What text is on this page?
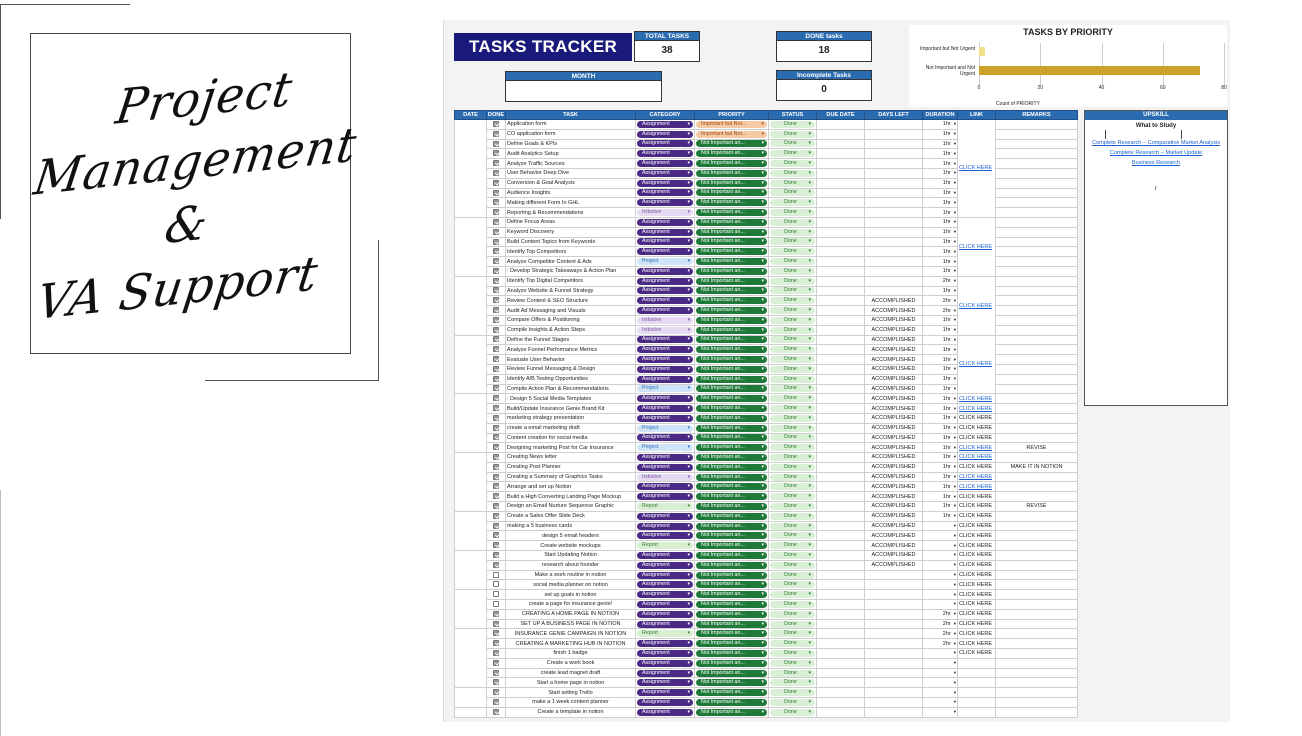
Project
Management &
VA Support
TASKS TRACKER
TOTAL TASKS
38
DONE tasks
18
MONTH	Incomplete Tasks
0
TASKS BY PRIORITY
0	20	40	60	80
Important but Not Urgent
Not Important and Not Urgent
Count of PRIORITY
UPSKILL
What to Study
Complete Research – Comparative Market Analysis
Complete Research – Market Update
Business Research
r
DATE	DONE	TASK	CATEGORY	PRIORITY	STATUS	DUE DATE	DAYS LEFT	DURATION	LINK	REMARKS
		Application form	Assignment ▾	Important but Not... ▾	Done ▾			1hr ▾	CLICK HERE	
		CO application form	Assignment ▾	Important but Not... ▾	Done ▾			1hr ▾		
		Define Goals & KPIs	Assignment ▾	Not Important an... ▾	Done ▾			1hr ▾		
		Audit Analytics Setup	Assignment ▾	Not Important an... ▾	Done ▾			1hr ▾		
		Analyze Traffic Sources	Assignment ▾	Not Important an... ▾	Done ▾			1hr ▾		
		User Behavior Deep Dive	Assignment ▾	Not Important an... ▾	Done ▾			1hr ▾		
		Conversion & Goal Analysis	Assignment ▾	Not Important an... ▾	Done ▾			1hr ▾		
		Audience Insights	Assignment ▾	Not Important an... ▾	Done ▾			1hr ▾		
		Making different Form In GHL	Assignment ▾	Not Important an... ▾	Done ▾			1hr ▾		
		Reporting & Recommendations	Initiative ▾	Not Important an... ▾	Done ▾			1hr ▾		
		Define Focus Areas	Assignment ▾	Not Important an... ▾	Done ▾			1hr ▾	CLICK HERE	
		Keyword Discovery	Assignment ▾	Not Important an... ▾	Done ▾			1hr ▾		
		Build Content Topics from Keywords	Assignment ▾	Not Important an... ▾	Done ▾			1hr ▾		
		Identify Top Competitors	Assignment ▾	Not Important an... ▾	Done ▾			1hr ▾		
		Analyze Competitor Content & Ads	Project ▾	Not Important an... ▾	Done ▾			1hr ▾		
		: Develop Strategic Takeaways & Action Plan	Assignment ▾	Not Important an... ▾	Done ▾			1hr ▾		
		Identify Top Digital Competitors	Assignment ▾	Not Important an... ▾	Done ▾			2hr ▾	CLICK HERE	
		Analyze Website & Funnel Strategy	Assignment ▾	Not Important an... ▾	Done ▾			1hr ▾		
		Review Content & SEO Structure	Assignment ▾	Not Important an... ▾	Done ▾		ACCOMPLISHED	2hr ▾		
		Audit Ad Messaging and Visuals	Assignment ▾	Not Important an... ▾	Done ▾		ACCOMPLISHED	2hr ▾		
		Compare Offers & Positioning	Initiative ▾	Not Important an... ▾	Done ▾		ACCOMPLISHED	1hr ▾		
		Compile Insights & Action Steps	Initiative ▾	Not Important an... ▾	Done ▾		ACCOMPLISHED	1hr ▾		
		Define the Funnel Stages	Assignment ▾	Not Important an... ▾	Done ▾		ACCOMPLISHED	1hr ▾	CLICK HERE	
		Analyze Funnel Performance Metrics	Assignment ▾	Not Important an... ▾	Done ▾		ACCOMPLISHED	1hr ▾		
		Evaluate User Behavior	Assignment ▾	Not Important an... ▾	Done ▾		ACCOMPLISHED	1hr ▾		
		Review Funnel Messaging & Design	Assignment ▾	Not Important an... ▾	Done ▾		ACCOMPLISHED	1hr ▾		
		Identify A/B Testing Opportunities	Assignment ▾	Not Important an... ▾	Done ▾		ACCOMPLISHED	1hr ▾		
		Compile Action Plan & Recommendations	Project ▾	Not Important an... ▾	Done ▾		ACCOMPLISHED	1hr ▾		
		: Design 5 Social Media Templates	Assignment ▾	Not Important an... ▾	Done ▾		ACCOMPLISHED	1hr ▾	CLICK HERE	
		Build/Update Insurance Genie Brand Kit	Assignment ▾	Not Important an... ▾	Done ▾		ACCOMPLISHED	1hr ▾	CLICK HERE	
		marketing strategy presentation	Assignment ▾	Not Important an... ▾	Done ▾		ACCOMPLISHED	1hr ▾	CLICK HERE	
		create a email marketing draft	Project ▾	Not Important an... ▾	Done ▾		ACCOMPLISHED	1hr ▾	CLICK HERE	
		Content creation for social media	Assignment ▾	Not Important an... ▾	Done ▾		ACCOMPLISHED	1hr ▾	CLICK HERE	
		Designing marketing Post for Car Insurance	Project ▾	Not Important an... ▾	Done ▾		ACCOMPLISHED	1hr ▾	CLICK HERE	REVISE
		Creating News letter	Assignment ▾	Not Important an... ▾	Done ▾		ACCOMPLISHED	1hr ▾	CLICK HERE	
		Creating Post Planner	Assignment ▾	Not Important an... ▾	Done ▾		ACCOMPLISHED	1hr ▾	CLICK HERE	MAKE IT IN NOTION
		Creating a Summary of Graphics Tasks	Initiative ▾	Not Important an... ▾	Done ▾		ACCOMPLISHED	1hr ▾	CLICK HERE	
		Arrange and set up Notion	Assignment ▾	Not Important an... ▾	Done ▾		ACCOMPLISHED	1hr ▾	CLICK HERE	
		Build a High Converting Landing Page Mockup	Assignment ▾	Not Important an... ▾	Done ▾		ACCOMPLISHED	1hr ▾	CLICK HERE	
		Design an Email Nurture Sequence Graphic	Report ▾	Not Important an... ▾	Done ▾		ACCOMPLISHED	1hr ▾	CLICK HERE	REVISE
		Create a Sales Offer Slide Deck	Assignment ▾	Not Important an... ▾	Done ▾		ACCOMPLISHED	1hr ▾	CLICK HERE	
		making a 5 business cards	Assignment ▾	Not Important an... ▾	Done ▾		ACCOMPLISHED	▾	CLICK HERE	
		design 5 email headers	Assignment ▾	Not Important an... ▾	Done ▾		ACCOMPLISHED	▾	CLICK HERE	
		Create website mockups	Report ▾	Not Important an... ▾	Done ▾		ACCOMPLISHED	▾	CLICK HERE	
		Start Updating Notion	Assignment ▾	Not Important an... ▾	Done ▾		ACCOMPLISHED	▾	CLICK HERE	
		research about founder	Assignment ▾	Not Important an... ▾	Done ▾		ACCOMPLISHED	▾	CLICK HERE	
		Make a work routine in notion	Assignment ▾	Not Important an... ▾	Done ▾			▾	CLICK HERE	
		social media planner on notion	Assignment ▾	Not Important an... ▾	Done ▾			▾	CLICK HERE	
		set up goals in notion	Assignment ▾	Not Important an... ▾	Done ▾			▾	CLICK HERE	
		create a page for insurance genie!	Assignment ▾	Not Important an... ▾	Done ▾			▾	CLICK HERE	
		CREATING A HOME PAGE IN NOTION	Assignment ▾	Not Important an... ▾	Done ▾			2hr ▾	CLICK HERE	
		SET UP A BUSINESS PAGE IN NOTION	Assignment ▾	Not Important an... ▾	Done ▾			2hr ▾	CLICK HERE	
		INSURANCE GENIE CAMPAIGN IN NOTION	Report ▾	Not Important an... ▾	Done ▾			2hr ▾	CLICK HERE	
		CREATING A MARKETING HUB IN NOTION	Assignment ▾	Not Important an... ▾	Done ▾			2hr ▾	CLICK HERE	
		finish 1 badge	Assignment ▾	Not Important an... ▾	Done ▾			▾	CLICK HERE	
		Create a work book	Assignment ▾	Not Important an... ▾	Done ▾			▾		
		create lead magnet draft	Assignment ▾	Not Important an... ▾	Done ▾			▾		
		Start a home page in notion	Assignment ▾	Not Important an... ▾	Done ▾			▾		
		Start setting Trello	Assignment ▾	Not Important an... ▾	Done ▾			▾		
		make a 1 week content planner	Assignment ▾	Not Important an... ▾	Done ▾			▾		
		Create a template in notion	Assignment ▾	Not Important an... ▾	Done ▾			▾		
